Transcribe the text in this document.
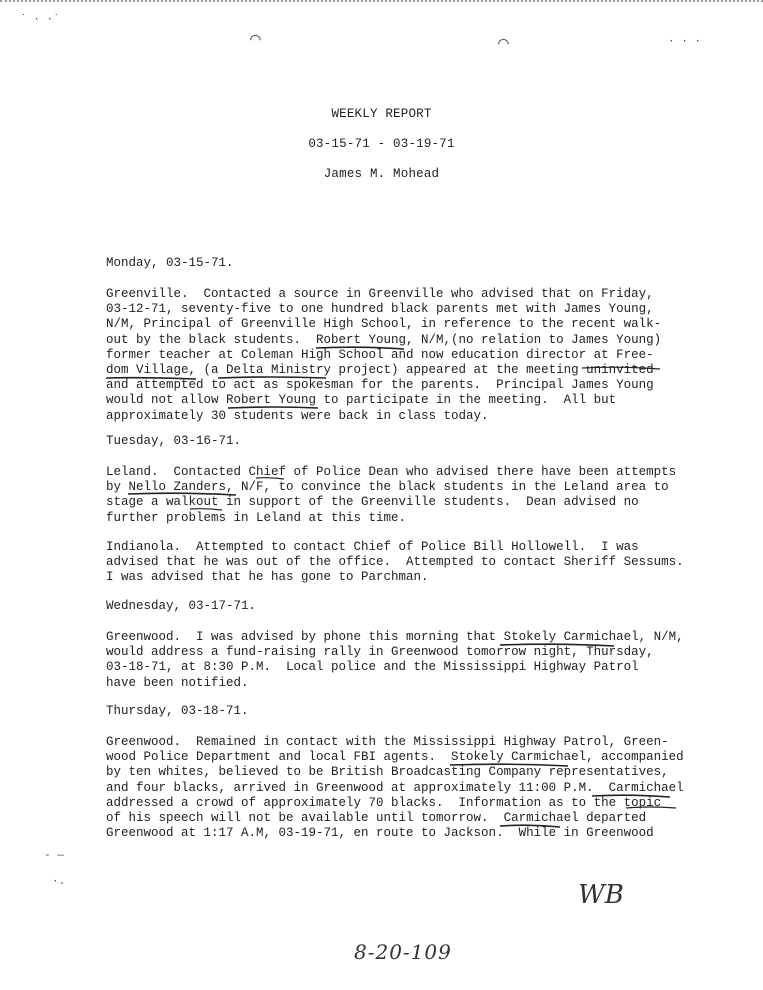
˙ · ·˙
⌒	⌒	· · ·
- —
·.
WEEKLY REPORT
03-15-71 - 03-19-71
James M. Mohead
Monday, 03-15-71.
Greenville.  Contacted a source in Greenville who advised that on Friday,
03-12-71, seventy-five to one hundred black parents met with James Young,
N/M, Principal of Greenville High School, in reference to the recent walk-
out by the black students.  Robert Young, N/M,(no relation to James Young)
former teacher at Coleman High School and now education director at Free-
dom Village, (a Delta Ministry project) appeared at the meeting uninvited
and attempted to act as spokesman for the parents.  Principal James Young
would not allow Robert Young to participate in the meeting.  All but
approximately 30 students were back in class today.
Tuesday, 03-16-71.
Leland.  Contacted Chief of Police Dean who advised there have been attempts
by Nello Zanders, N/F, to convince the black students in the Leland area to
stage a walkout in support of the Greenville students.  Dean advised no
further problems in Leland at this time.
Indianola.  Attempted to contact Chief of Police Bill Hollowell.  I was
advised that he was out of the office.  Attempted to contact Sheriff Sessums.
I was advised that he has gone to Parchman.
Wednesday, 03-17-71.
Greenwood.  I was advised by phone this morning that Stokely Carmichael, N/M,
would address a fund-raising rally in Greenwood tomorrow night, Thursday,
03-18-71, at 8:30 P.M.  Local police and the Mississippi Highway Patrol
have been notified.
Thursday, 03-18-71.
Greenwood.  Remained in contact with the Mississippi Highway Patrol, Green-
wood Police Department and local FBI agents.  Stokely Carmichael, accompanied
by ten whites, believed to be British Broadcasting Company representatives,
and four blacks, arrived in Greenwood at approximately 11:00 P.M.  Carmichael
addressed a crowd of approximately 70 blacks.  Information as to the topic
of his speech will not be available until tomorrow.  Carmichael departed
Greenwood at 1:17 A.M, 03-19-71, en route to Jackson.  While in Greenwood
WB
8-20-109
